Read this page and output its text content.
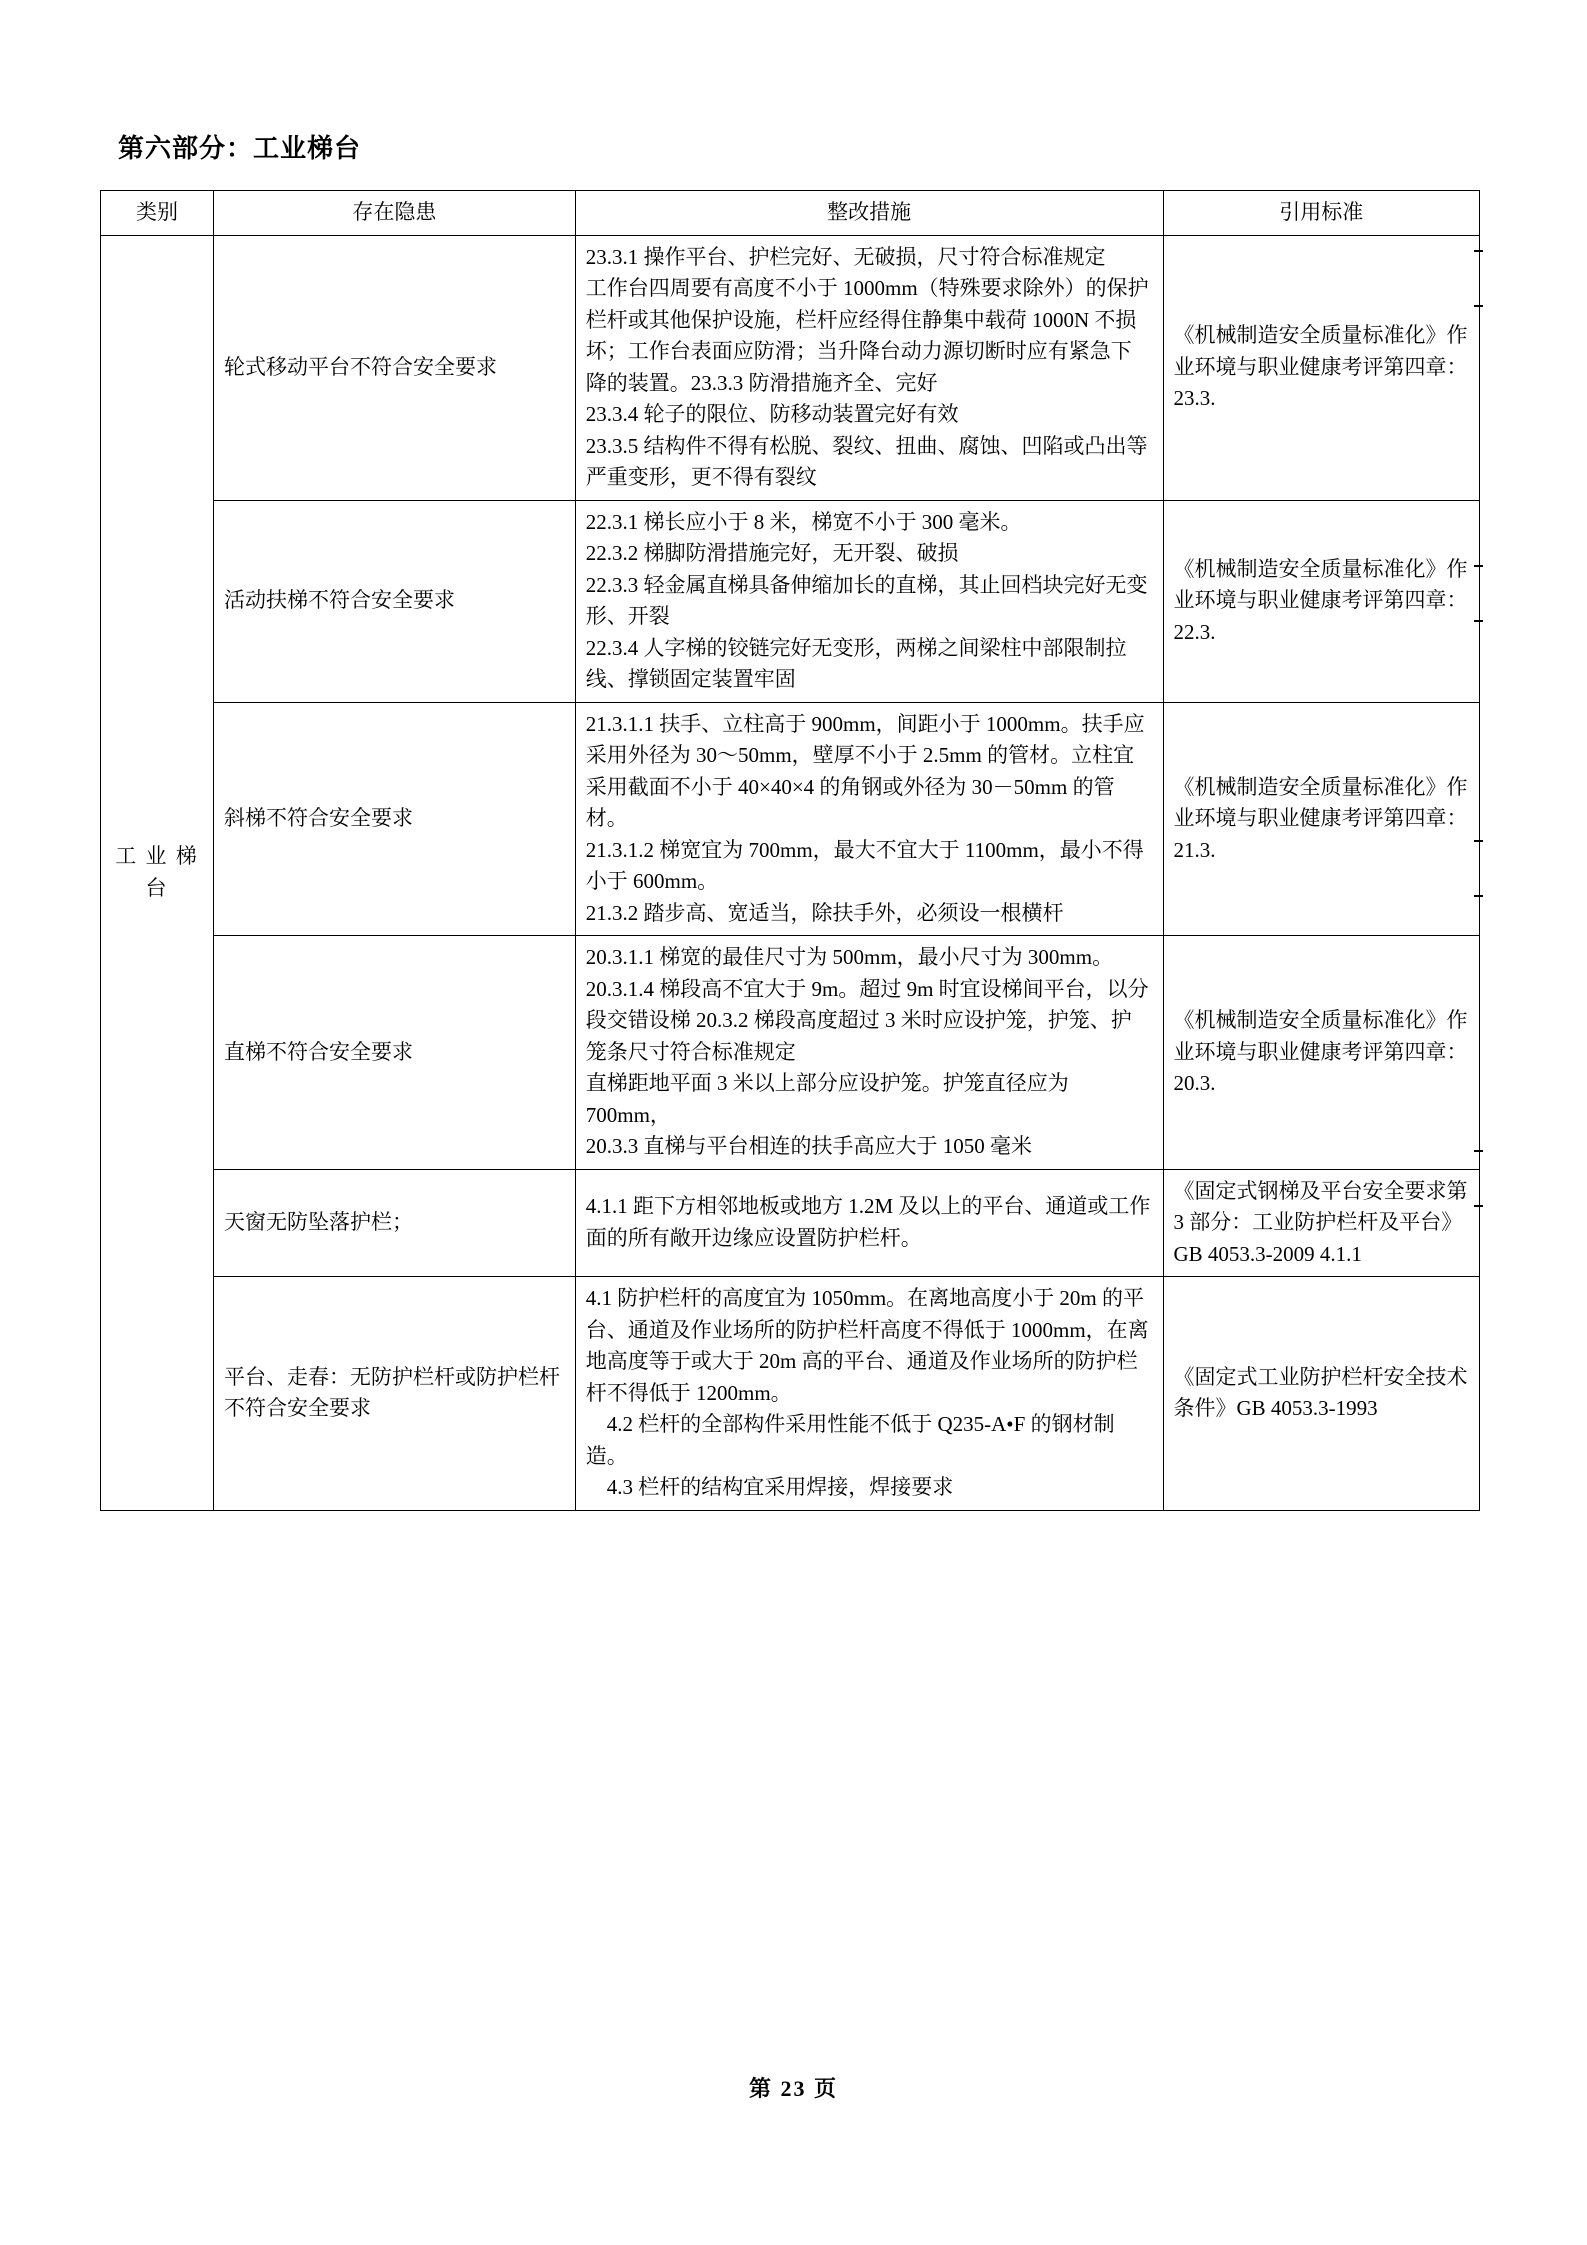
第六部分：工业梯台
类别	存在隐患	整改措施	引用标准
工 业 梯 台	轮式移动平台不符合安全要求	23.3.1 操作平台、护栏完好、无破损，尺寸符合标准规定
工作台四周要有高度不小于 1000mm（特殊要求除外）的保护栏杆或其他保护设施，栏杆应经得住静集中载荷 1000N 不损坏；工作台表面应防滑；当升降台动力源切断时应有紧急下降的装置。23.3.3 防滑措施齐全、完好
23.3.4 轮子的限位、防移动装置完好有效
23.3.5 结构件不得有松脱、裂纹、扭曲、腐蚀、凹陷或凸出等严重变形，更不得有裂纹	《机械制造安全质量标准化》作业环境与职业健康考评第四章：23.3.
	活动扶梯不符合安全要求	22.3.1 梯长应小于 8 米，梯宽不小于 300 毫米。
22.3.2 梯脚防滑措施完好，无开裂、破损
22.3.3 轻金属直梯具备伸缩加长的直梯，其止回档块完好无变形、开裂
22.3.4 人字梯的铰链完好无变形，两梯之间梁柱中部限制拉线、撑锁固定装置牢固	《机械制造安全质量标准化》作业环境与职业健康考评第四章：22.3.
	斜梯不符合安全要求	21.3.1.1 扶手、立柱高于 900mm，间距小于 1000mm。扶手应采用外径为 30～50mm，壁厚不小于 2.5mm 的管材。立柱宜采用截面不小于 40×40×4 的角钢或外径为 30－50mm 的管材。
21.3.1.2 梯宽宜为 700mm，最大不宜大于 1100mm，最小不得小于 600mm。
21.3.2 踏步高、宽适当，除扶手外，必须设一根横杆	《机械制造安全质量标准化》作业环境与职业健康考评第四章：21.3.
	直梯不符合安全要求	20.3.1.1 梯宽的最佳尺寸为 500mm，最小尺寸为 300mm。
20.3.1.4 梯段高不宜大于 9m。超过 9m 时宜设梯间平台，以分段交错设梯 20.3.2 梯段高度超过 3 米时应设护笼，护笼、护笼条尺寸符合标准规定
直梯距地平面 3 米以上部分应设护笼。护笼直径应为 700mm，
20.3.3 直梯与平台相连的扶手高应大于 1050 毫米	《机械制造安全质量标准化》作业环境与职业健康考评第四章：20.3.
	天窗无防坠落护栏；	4.1.1 距下方相邻地板或地方 1.2M 及以上的平台、通道或工作面的所有敞开边缘应设置防护栏杆。	《固定式钢梯及平台安全要求第 3 部分：工业防护栏杆及平台》GB 4053.3-2009 4.1.1
	平台、走春：无防护栏杆或防护栏杆不符合安全要求	4.1 防护栏杆的高度宜为 1050mm。在离地高度小于 20m 的平台、通道及作业场所的防护栏杆高度不得低于 1000mm，在离地高度等于或大于 20m 高的平台、通道及作业场所的防护栏杆不得低于 1200mm。
　4.2 栏杆的全部构件采用性能不低于 Q235-A•F 的钢材制造。
　4.3 栏杆的结构宜采用焊接，焊接要求	《固定式工业防护栏杆安全技术条件》GB 4053.3-1993
第 23 页
